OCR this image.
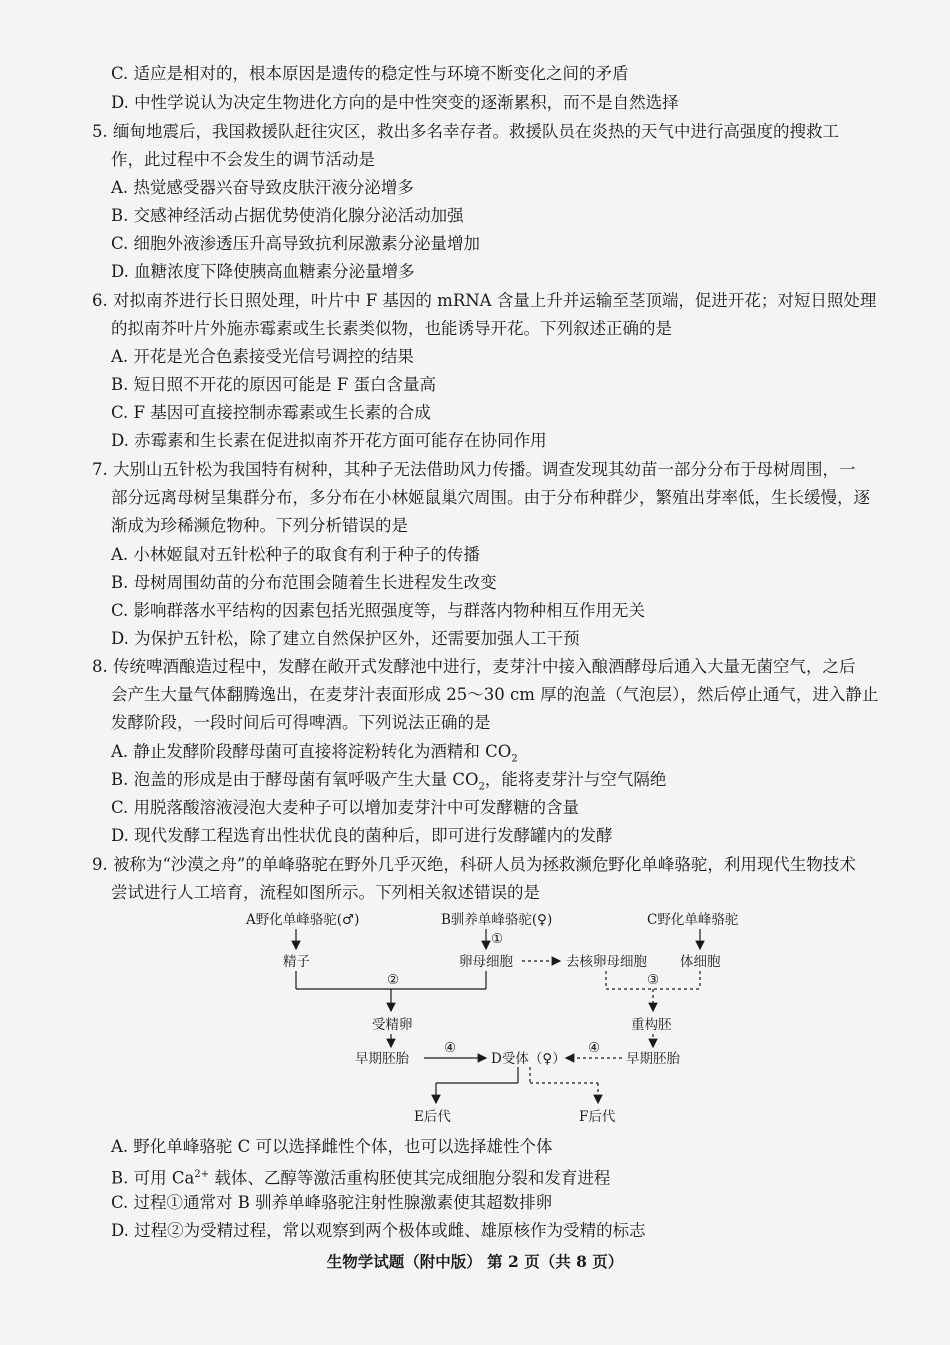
C. 适应是相对的，根本原因是遗传的稳定性与环境不断变化之间的矛盾
D. 中性学说认为决定生物进化方向的是中性突变的逐渐累积，而不是自然选择
5. 缅甸地震后，我国救援队赶往灾区，救出多名幸存者。救援队员在炎热的天气中进行高强度的搜救工
作，此过程中不会发生的调节活动是
A. 热觉感受器兴奋导致皮肤汗液分泌增多
B. 交感神经活动占据优势使消化腺分泌活动加强
C. 细胞外液渗透压升高导致抗利尿激素分泌量增加
D. 血糖浓度下降使胰高血糖素分泌量增多
6. 对拟南芥进行长日照处理，叶片中 F 基因的 mRNA 含量上升并运输至茎顶端，促进开花；对短日照处理
的拟南芥叶片外施赤霉素或生长素类似物，也能诱导开花。下列叙述正确的是
A. 开花是光合色素接受光信号调控的结果
B. 短日照不开花的原因可能是 F 蛋白含量高
C. F 基因可直接控制赤霉素或生长素的合成
D. 赤霉素和生长素在促进拟南芥开花方面可能存在协同作用
7. 大别山五针松为我国特有树种，其种子无法借助风力传播。调查发现其幼苗一部分分布于母树周围，一
部分远离母树呈集群分布，多分布在小林姬鼠巢穴周围。由于分布种群少，繁殖出芽率低，生长缓慢，逐
渐成为珍稀濒危物种。下列分析错误的是
A. 小林姬鼠对五针松种子的取食有利于种子的传播
B. 母树周围幼苗的分布范围会随着生长进程发生改变
C. 影响群落水平结构的因素包括光照强度等，与群落内物种相互作用无关
D. 为保护五针松，除了建立自然保护区外，还需要加强人工干预
8. 传统啤酒酿造过程中，发酵在敞开式发酵池中进行，麦芽汁中接入酿酒酵母后通入大量无菌空气，之后
会产生大量气体翻腾逸出，在麦芽汁表面形成 25～30 cm 厚的泡盖（气泡层），然后停止通气，进入静止
发酵阶段，一段时间后可得啤酒。下列说法正确的是
A. 静止发酵阶段酵母菌可直接将淀粉转化为酒精和 $CO_2$
B. 泡盖的形成是由于酵母菌有氧呼吸产生大量 $CO_2$，能将麦芽汁与空气隔绝
C. 用脱落酸溶液浸泡大麦种子可以增加麦芽汁中可发酵糖的含量
D. 现代发酵工程选育出性状优良的菌种后，即可进行发酵罐内的发酵
9. 被称为“沙漠之舟”的单峰骆驼在野外几乎灭绝，科研人员为拯救濒危野化单峰骆驼，利用现代生物技术
尝试进行人工培育，流程如图所示。下列相关叙述错误的是
A野化单峰骆驼(♂)	B驯养单峰骆驼(♀)	C野化单峰骆驼
精子	卵母细胞	去核卵母细胞 体细胞
受精卵	重构胚
早期胚胎	D受体（♀）	早期胚胎
E后代	F后代
①
②	③
④	④
A. 野化单峰骆驼 C 可以选择雌性个体，也可以选择雄性个体
B. 可用 $Ca^{2+}$ 载体、乙醇等激活重构胚使其完成细胞分裂和发育进程
C. 过程①通常对 B 驯养单峰骆驼注射性腺激素使其超数排卵
D. 过程②为受精过程，常以观察到两个极体或雌、雄原核作为受精的标志
生物学试题（附中版） 第 2 页（共 8 页）
